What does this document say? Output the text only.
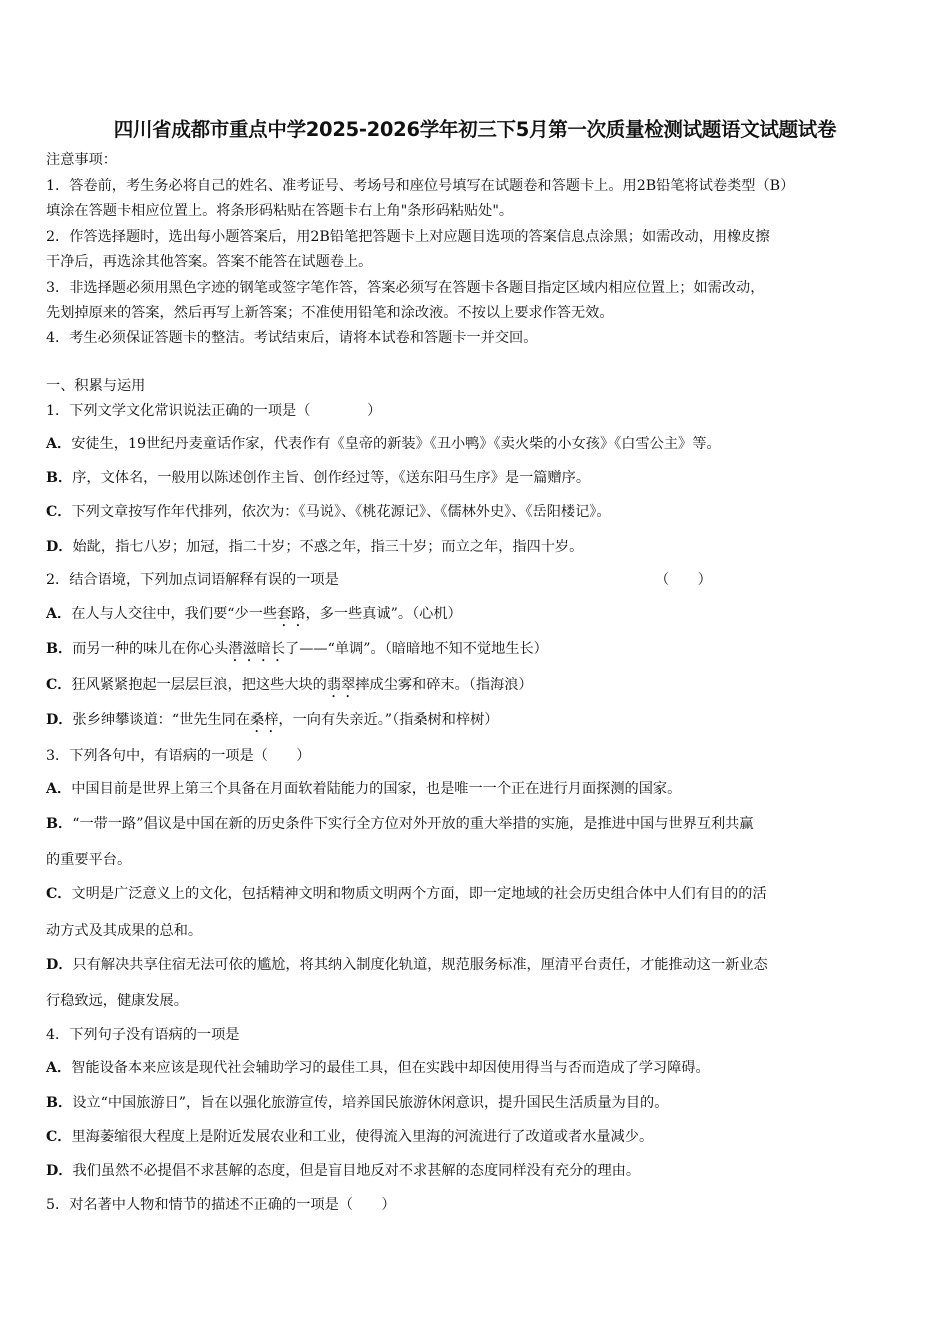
四川省成都市重点中学2025-2026学年初三下5月第一次质量检测试题语文试题试卷
注意事项：
1．答卷前，考生务必将自己的姓名、准考证号、考场号和座位号填写在试题卷和答题卡上。用2B铅笔将试卷类型（B）
填涂在答题卡相应位置上。将条形码粘贴在答题卡右上角"条形码粘贴处"。
2．作答选择题时，选出每小题答案后，用2B铅笔把答题卡上对应题目选项的答案信息点涂黑；如需改动，用橡皮擦
干净后，再选涂其他答案。答案不能答在试题卷上。
3．非选择题必须用黑色字迹的钢笔或签字笔作答，答案必须写在答题卡各题目指定区域内相应位置上；如需改动，
先划掉原来的答案，然后再写上新答案；不准使用铅笔和涂改液。不按以上要求作答无效。
4．考生必须保证答题卡的整洁。考试结束后，请将本试卷和答题卡一并交回。
一、积累与运用
1．下列文学文化常识说法正确的一项是（　　　　）
A．安徒生，19世纪丹麦童话作家，代表作有《皇帝的新装》《丑小鸭》《卖火柴的小女孩》《白雪公主》等。
B．序，文体名，一般用以陈述创作主旨、创作经过等，《送东阳马生序》是一篇赠序。
C．下列文章按写作年代排列，依次为：《马说》、《桃花源记》、《儒林外史》、《岳阳楼记》。
D．始龀，指七八岁；加冠，指二十岁；不惑之年，指三十岁；而立之年，指四十岁。
2．结合语境，下列加点词语解释有误的一项是	（　　）
A．在人与人交往中，我们要“少一些套路，多一些真诚”。（心机）
B．而另一种的味儿在你心头潜滋暗长了——“单调”。（暗暗地不知不觉地生长）
C．狂风紧紧抱起一层层巨浪，把这些大块的翡翠摔成尘雾和碎末。（指海浪）
D．张乡绅攀谈道：“世先生同在桑梓，一向有失亲近。”（指桑树和梓树）
3．下列各句中，有语病的一项是（　　）
A．中国目前是世界上第三个具备在月面软着陆能力的国家，也是唯一一个正在进行月面探测的国家。
B．“一带一路”倡议是中国在新的历史条件下实行全方位对外开放的重大举措的实施，是推进中国与世界互利共赢
的重要平台。
C．文明是广泛意义上的文化，包括精神文明和物质文明两个方面，即一定地域的社会历史组合体中人们有目的的活
动方式及其成果的总和。
D．只有解决共享住宿无法可依的尴尬，将其纳入制度化轨道，规范服务标准，厘清平台责任，才能推动这一新业态
行稳致远，健康发展。
4．下列句子没有语病的一项是
A．智能设备本来应该是现代社会辅助学习的最佳工具，但在实践中却因使用得当与否而造成了学习障碍。
B．设立“中国旅游日”，旨在以强化旅游宣传，培养国民旅游休闲意识，提升国民生活质量为目的。
C．里海萎缩很大程度上是附近发展农业和工业，使得流入里海的河流进行了改道或者水量减少。
D．我们虽然不必提倡不求甚解的态度，但是盲目地反对不求甚解的态度同样没有充分的理由。
5．对名著中人物和情节的描述不正确的一项是（　　）
